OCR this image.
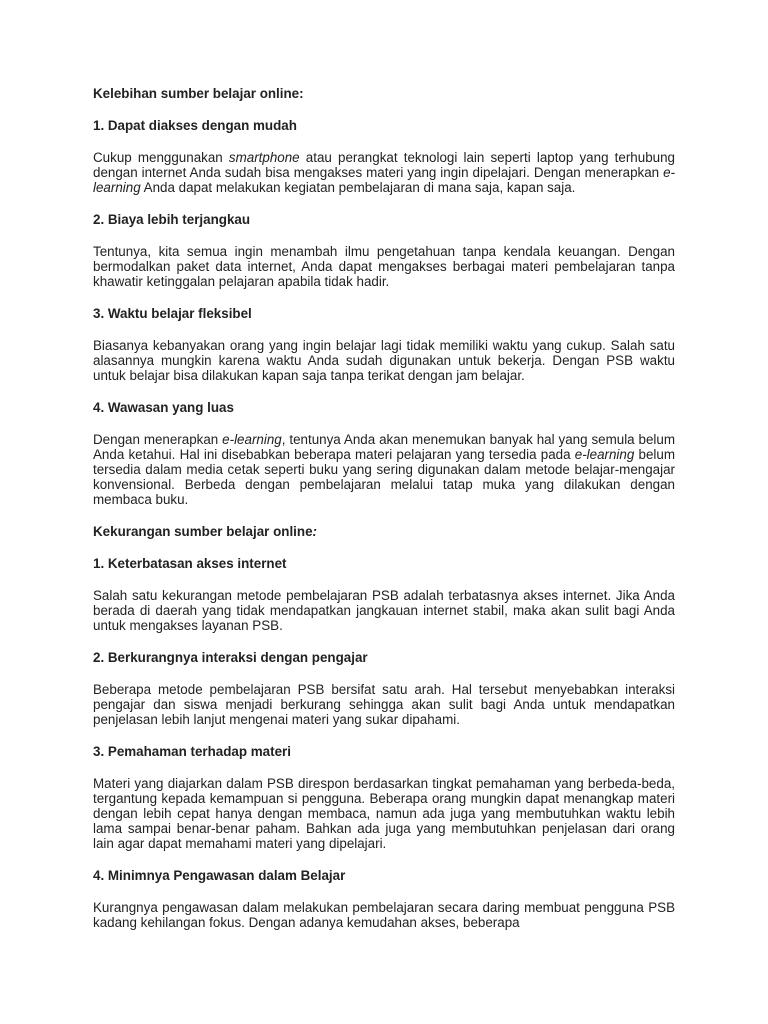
Kelebihan sumber belajar online:

1. Dapat diakses dengan mudah

Cukup menggunakan smartphone atau perangkat teknologi lain seperti laptop yang terhubung dengan internet Anda sudah bisa mengakses materi yang ingin dipelajari. Dengan menerapkan e-learning Anda dapat melakukan kegiatan pembelajaran di mana saja, kapan saja.

2. Biaya lebih terjangkau

Tentunya, kita semua ingin menambah ilmu pengetahuan tanpa kendala keuangan. Dengan bermodalkan paket data internet, Anda dapat mengakses berbagai materi pembelajaran tanpa khawatir ketinggalan pelajaran apabila tidak hadir.

3. Waktu belajar fleksibel

Biasanya kebanyakan orang yang ingin belajar lagi tidak memiliki waktu yang cukup. Salah satu alasannya mungkin karena waktu Anda sudah digunakan untuk bekerja. Dengan PSB waktu untuk belajar bisa dilakukan kapan saja tanpa terikat dengan jam belajar.

4. Wawasan yang luas

Dengan menerapkan e-learning, tentunya Anda akan menemukan banyak hal yang semula belum Anda ketahui. Hal ini disebabkan beberapa materi pelajaran yang tersedia pada e-learning belum tersedia dalam media cetak seperti buku yang sering digunakan dalam metode belajar-mengajar konvensional. Berbeda dengan pembelajaran melalui tatap muka yang dilakukan dengan membaca buku.

Kekurangan sumber belajar online:

1. Keterbatasan akses internet

Salah satu kekurangan metode pembelajaran PSB adalah terbatasnya akses internet. Jika Anda berada di daerah yang tidak mendapatkan jangkauan internet stabil, maka akan sulit bagi Anda untuk mengakses layanan PSB.

2. Berkurangnya interaksi dengan pengajar

Beberapa metode pembelajaran PSB bersifat satu arah. Hal tersebut menyebabkan interaksi pengajar dan siswa menjadi berkurang sehingga akan sulit bagi Anda untuk mendapatkan penjelasan lebih lanjut mengenai materi yang sukar dipahami.

3. Pemahaman terhadap materi

Materi yang diajarkan dalam PSB direspon berdasarkan tingkat pemahaman yang berbeda-beda, tergantung kepada kemampuan si pengguna. Beberapa orang mungkin dapat menangkap materi dengan lebih cepat hanya dengan membaca, namun ada juga yang membutuhkan waktu lebih lama sampai benar-benar paham. Bahkan ada juga yang membutuhkan penjelasan dari orang lain agar dapat memahami materi yang dipelajari.

4. Minimnya Pengawasan dalam Belajar

Kurangnya pengawasan dalam melakukan pembelajaran secara daring membuat pengguna PSB kadang kehilangan fokus. Dengan adanya kemudahan akses, beberapa
